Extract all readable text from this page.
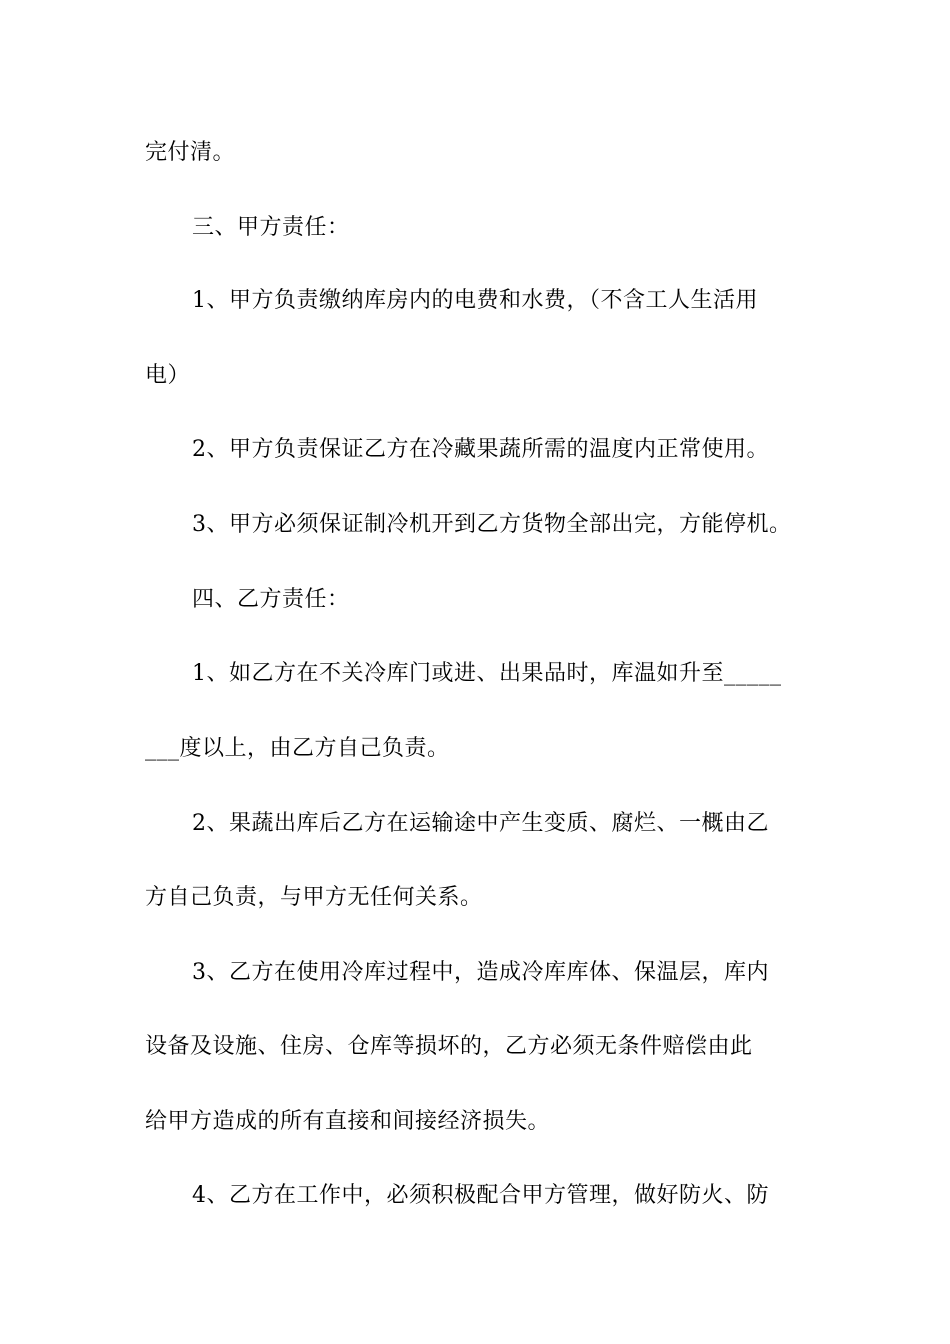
完付清。
三、甲方责任：
1、甲方负责缴纳库房内的电费和水费，（不含工人生活用
电）
2、甲方负责保证乙方在冷藏果蔬所需的温度内正常使用。
3、甲方必须保证制冷机开到乙方货物全部出完，方能停机。
四、乙方责任：
1、如乙方在不关冷库门或进、出果品时，库温如升至_____
___度以上，由乙方自己负责。
2、果蔬出库后乙方在运输途中产生变质、腐烂、一概由乙
方自己负责，与甲方无任何关系。
3、乙方在使用冷库过程中，造成冷库库体、保温层，库内
设备及设施、住房、仓库等损坏的，乙方必须无条件赔偿由此
给甲方造成的所有直接和间接经济损失。
4、乙方在工作中，必须积极配合甲方管理，做好防火、防
